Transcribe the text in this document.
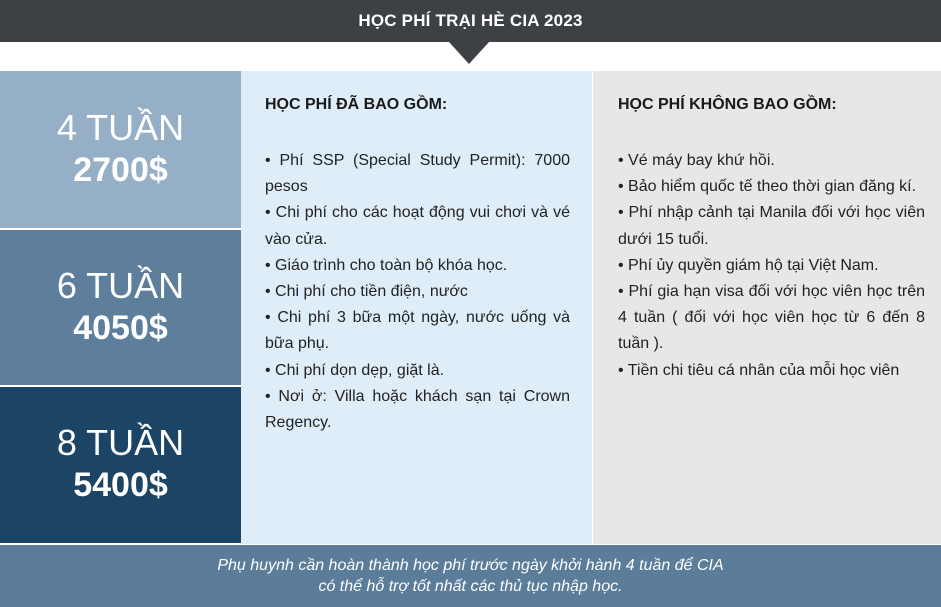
HỌC PHÍ TRẠI HÈ CIA 2023
4 TUẦN
2700$
6 TUẦN
4050$
8 TUẦN
5400$
HỌC PHÍ ĐÃ BAO GỒM:
• Phí SSP (Special Study Permit): 7000 pesos
• Chi phí cho các hoạt động vui chơi và vé vào cửa.
• Giáo trình cho toàn bộ khóa học.
• Chi phí cho tiền điện, nước
• Chi phí 3 bữa một ngày, nước uống và bữa phụ.
• Chi phí dọn dẹp, giặt là.
• Nơi ở: Villa hoặc khách sạn tại Crown Regency.
HỌC PHÍ KHÔNG BAO GỒM:
• Vé máy bay khứ hồi.
• Bảo hiểm quốc tế theo thời gian đăng kí.
• Phí nhập cảnh tại Manila đối với học viên dưới 15 tuổi.
• Phí ủy quyền giám hộ tại Việt Nam.
• Phí gia hạn visa đối với học viên học trên 4 tuần ( đối với học viên học từ 6 đến 8 tuần ).
• Tiền chi tiêu cá nhân của mỗi học viên
Phụ huynh cần hoàn thành học phí trước ngày khởi hành 4 tuần để CIA
có thể hỗ trợ tốt nhất các thủ tục nhập học.
